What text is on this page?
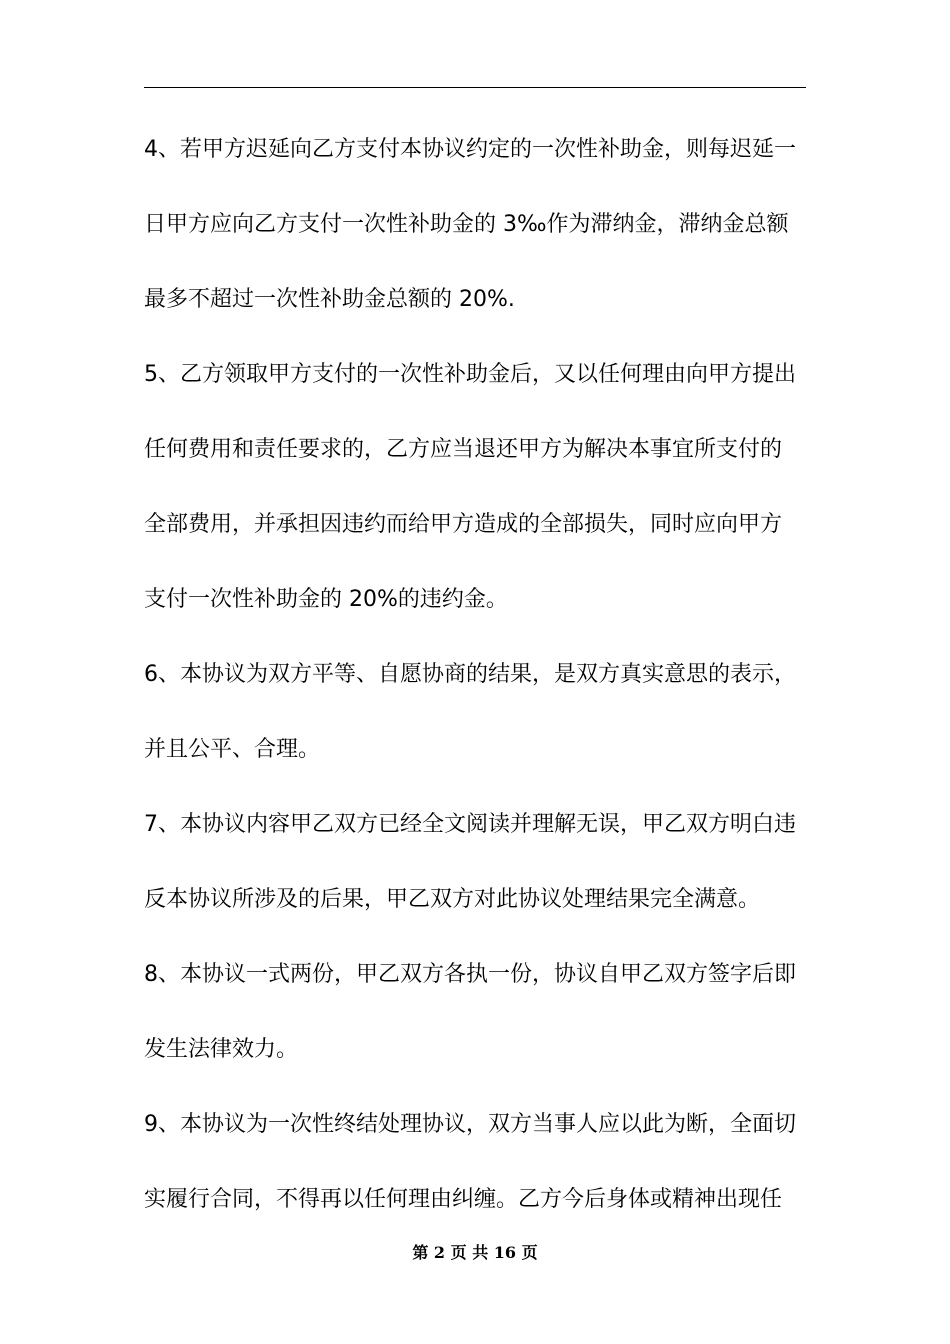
4、若甲方迟延向乙方支付本协议约定的一次性补助金，则每迟延一
日甲方应向乙方支付一次性补助金的 3‰作为滞纳金，滞纳金总额
最多不超过一次性补助金总额的 20%.
5、乙方领取甲方支付的一次性补助金后，又以任何理由向甲方提出
任何费用和责任要求的，乙方应当退还甲方为解决本事宜所支付的
全部费用，并承担因违约而给甲方造成的全部损失，同时应向甲方
支付一次性补助金的 20%的违约金。
6、本协议为双方平等、自愿协商的结果，是双方真实意思的表示，
并且公平、合理。
7、本协议内容甲乙双方已经全文阅读并理解无误，甲乙双方明白违
反本协议所涉及的后果，甲乙双方对此协议处理结果完全满意。
8、本协议一式两份，甲乙双方各执一份，协议自甲乙双方签字后即
发生法律效力。
9、本协议为一次性终结处理协议，双方当事人应以此为断，全面切
实履行合同，不得再以任何理由纠缠。乙方今后身体或精神出现任
第 2 页 共 16 页
